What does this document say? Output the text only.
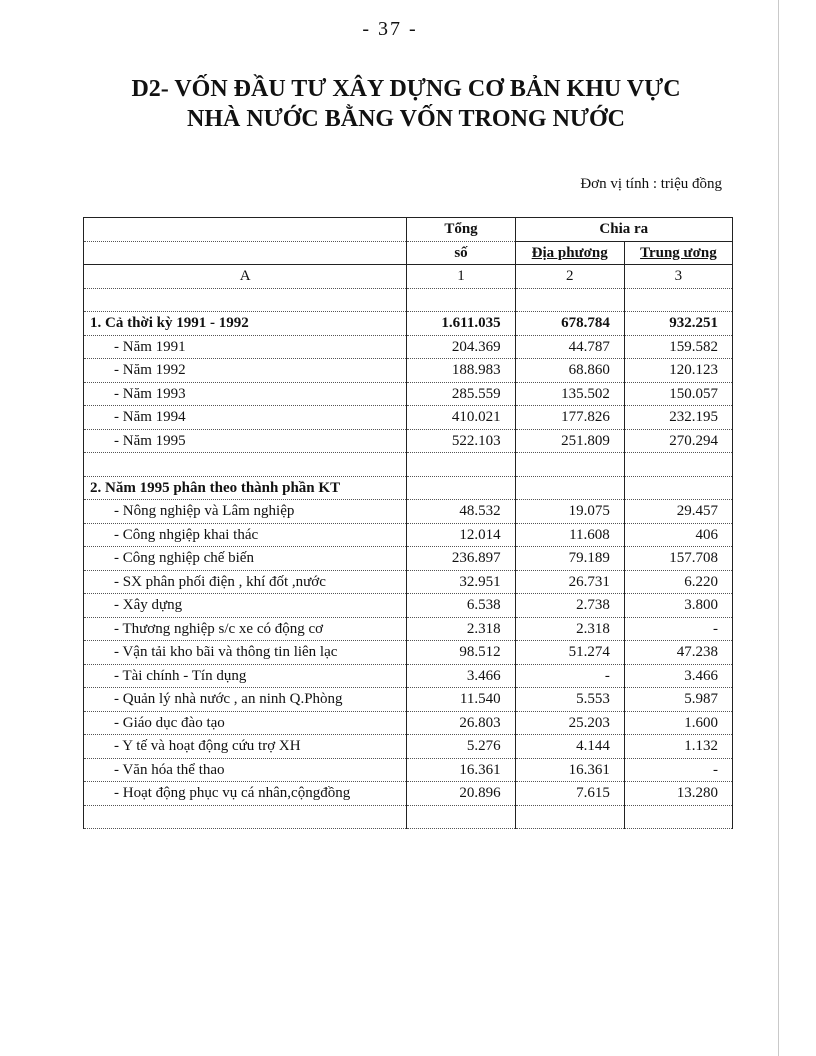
- 37 -
D2- VỐN ĐẦU TƯ XÂY DỰNG CƠ BẢN KHU VỰC
NHÀ NƯỚC BẰNG VỐN TRONG NƯỚC
Đơn vị tính : triệu đồng
	Tổng	Chia ra	
	số	Địa phương	Trung ương
A	1	2	3

1. Cả thời kỳ 1991 - 1992	1.611.035	678.784	932.251
- Năm 1991	204.369	44.787	159.582
- Năm 1992	188.983	68.860	120.123
- Năm 1993	285.559	135.502	150.057
- Năm 1994	410.021	177.826	232.195
- Năm 1995	522.103	251.809	270.294

2. Năm 1995 phân theo thành phần KT			
- Nông nghiệp và Lâm nghiệp	48.532	19.075	29.457
- Công nhgiệp khai thác	12.014	11.608	406
- Công nghiệp chế biến	236.897	79.189	157.708
- SX phân phối điện , khí đốt ,nước	32.951	26.731	6.220
- Xây dựng	6.538	2.738	3.800
- Thương nghiệp s/c xe có động cơ	2.318	2.318	-
- Vận tải kho bãi và thông tin liên lạc	98.512	51.274	47.238
- Tài chính - Tín dụng	3.466	-	3.466
- Quản lý nhà nước , an ninh Q.Phòng	11.540	5.553	5.987
- Giáo dục đào tạo	26.803	25.203	1.600
- Y tế và hoạt động cứu trợ XH	5.276	4.144	1.132
- Văn hóa thể thao	16.361	16.361	-
- Hoạt động phục vụ cá nhân,cộngđồng	20.896	7.615	13.280
